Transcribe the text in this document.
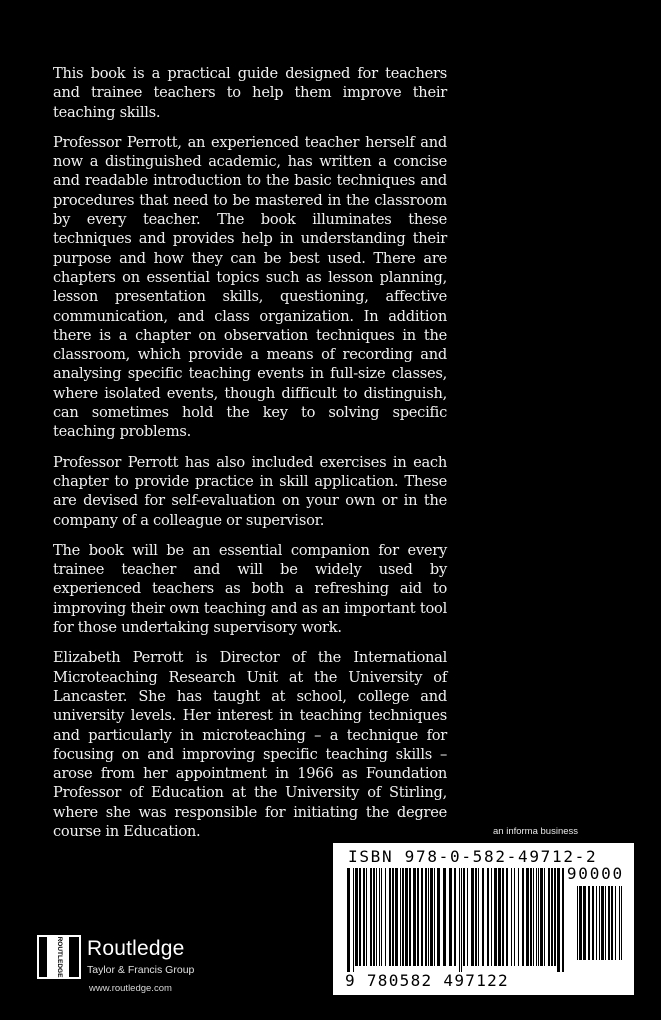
This book is a practical guide designed for teachers and trainee teachers to help them improve their teaching skills.

Professor Perrott, an experienced teacher herself and now a distinguished academic, has written a concise and readable introduction to the basic techniques and procedures that need to be mastered in the classroom by every teacher. The book illuminates these techniques and provides help in understanding their purpose and how they can be best used. There are chapters on essential topics such as lesson planning, lesson presentation skills, questioning, affective communication, and class organization. In addition there is a chapter on observation techniques in the classroom, which provide a means of recording and analysing specific teaching events in full-size classes, where isolated events, though difficult to distinguish, can sometimes hold the key to solving specific teaching problems.

Professor Perrott has also included exercises in each chapter to provide practice in skill application. These are devised for self-evaluation on your own or in the company of a colleague or supervisor.

The book will be an essential companion for every trainee teacher and will be widely used by experienced teachers as both a refreshing aid to improving their own teaching and as an important tool for those undertaking supervisory work.

Elizabeth Perrott is Director of the International Microteaching Research Unit at the University of Lancaster. She has taught at school, college and university levels. Her interest in teaching techniques and particularly in microteaching – a technique for focusing on and improving specific teaching skills – arose from her appointment in 1966 as Foundation Professor of Education at the University of Stirling, where she was responsible for initiating the degree course in Education.	an informa business
ISBN 978-0-582-49712-2
90000
9 780582 497122
ROUTLEDGE Routledge
Taylor & Francis Group
www.routledge.com
